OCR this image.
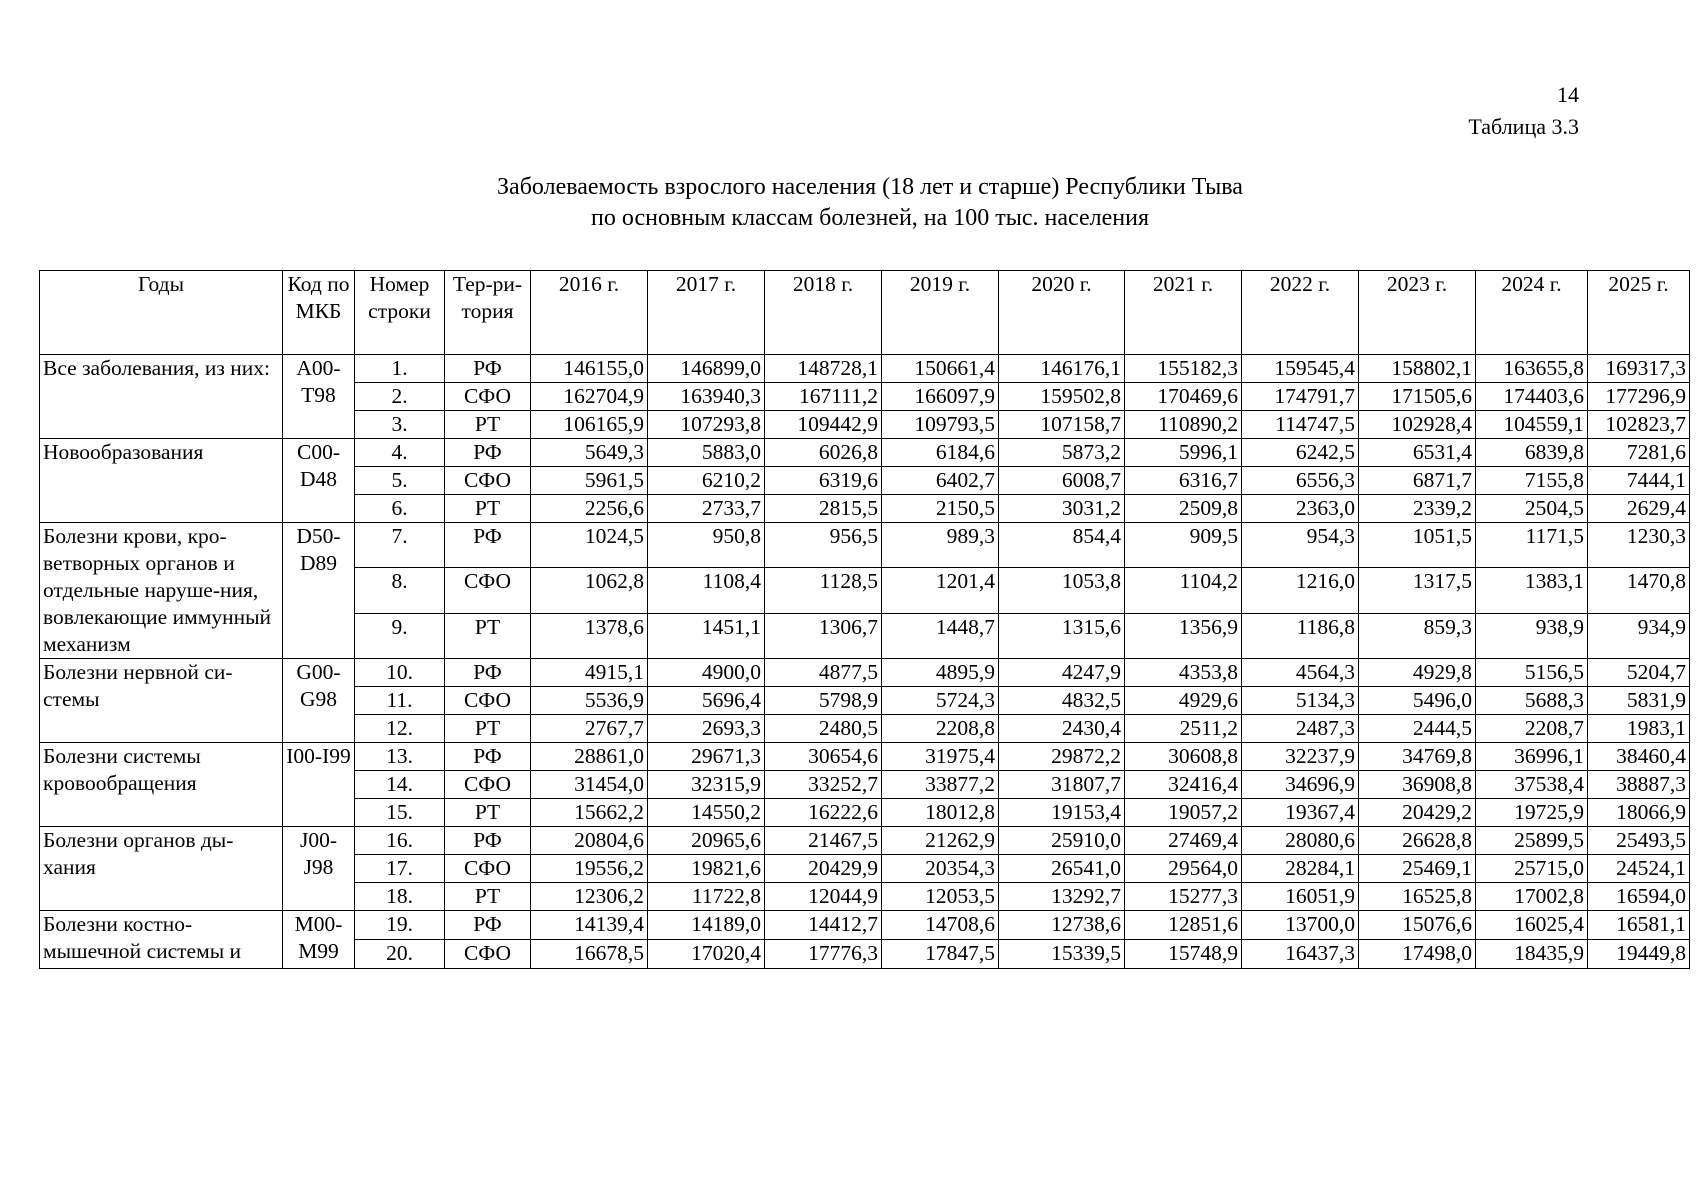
14
Таблица 3.3
Заболеваемость взрослого населения (18 лет и старше) Республики Тыва
по основным классам болезней, на 100 тыс. населения
Годы	Код по МКБ	Номер строки	Тер-ри-тория	2016 г.	2017 г.	2018 г.	2019 г.	2020 г.	2021 г.	2022 г.	2023 г.	2024 г.	2025 г.
Все заболевания, из них:	A00-T98	1.	РФ	146155,0	146899,0	148728,1	150661,4	146176,1	155182,3	159545,4	158802,1	163655,8	169317,3
		2.	СФО	162704,9	163940,3	167111,2	166097,9	159502,8	170469,6	174791,7	171505,6	174403,6	177296,9
		3.	РТ	106165,9	107293,8	109442,9	109793,5	107158,7	110890,2	114747,5	102928,4	104559,1	102823,7
Новообразования	C00-D48	4.	РФ	5649,3	5883,0	6026,8	6184,6	5873,2	5996,1	6242,5	6531,4	6839,8	7281,6
		5.	СФО	5961,5	6210,2	6319,6	6402,7	6008,7	6316,7	6556,3	6871,7	7155,8	7444,1
		6.	РТ	2256,6	2733,7	2815,5	2150,5	3031,2	2509,8	2363,0	2339,2	2504,5	2629,4
Болезни крови, кро-ветворных органов и отдельные наруше-ния, вовлекающие иммунный механизм	D50-D89	7.	РФ	1024,5	950,8	956,5	989,3	854,4	909,5	954,3	1051,5	1171,5	1230,3
		8.	СФО	1062,8	1108,4	1128,5	1201,4	1053,8	1104,2	1216,0	1317,5	1383,1	1470,8
		9.	РТ	1378,6	1451,1	1306,7	1448,7	1315,6	1356,9	1186,8	859,3	938,9	934,9
Болезни нервной си-стемы	G00-G98	10.	РФ	4915,1	4900,0	4877,5	4895,9	4247,9	4353,8	4564,3	4929,8	5156,5	5204,7
		11.	СФО	5536,9	5696,4	5798,9	5724,3	4832,5	4929,6	5134,3	5496,0	5688,3	5831,9
		12.	РТ	2767,7	2693,3	2480,5	2208,8	2430,4	2511,2	2487,3	2444,5	2208,7	1983,1
Болезни системы кровообращения	I00-I99	13.	РФ	28861,0	29671,3	30654,6	31975,4	29872,2	30608,8	32237,9	34769,8	36996,1	38460,4
		14.	СФО	31454,0	32315,9	33252,7	33877,2	31807,7	32416,4	34696,9	36908,8	37538,4	38887,3
		15.	РТ	15662,2	14550,2	16222,6	18012,8	19153,4	19057,2	19367,4	20429,2	19725,9	18066,9
Болезни органов ды-хания	J00-J98	16.	РФ	20804,6	20965,6	21467,5	21262,9	25910,0	27469,4	28080,6	26628,8	25899,5	25493,5
		17.	СФО	19556,2	19821,6	20429,9	20354,3	26541,0	29564,0	28284,1	25469,1	25715,0	24524,1
		18.	РТ	12306,2	11722,8	12044,9	12053,5	13292,7	15277,3	16051,9	16525,8	17002,8	16594,0

Болезни костно-мышечной системы и	M00-M99	19.	РФ	14139,4	14189,0	14412,7	14708,6	12738,6	12851,6	13700,0	15076,6	16025,4	16581,1
		20.	СФО	16678,5	17020,4	17776,3	17847,5	15339,5	15748,9	16437,3	17498,0	18435,9	19449,8
